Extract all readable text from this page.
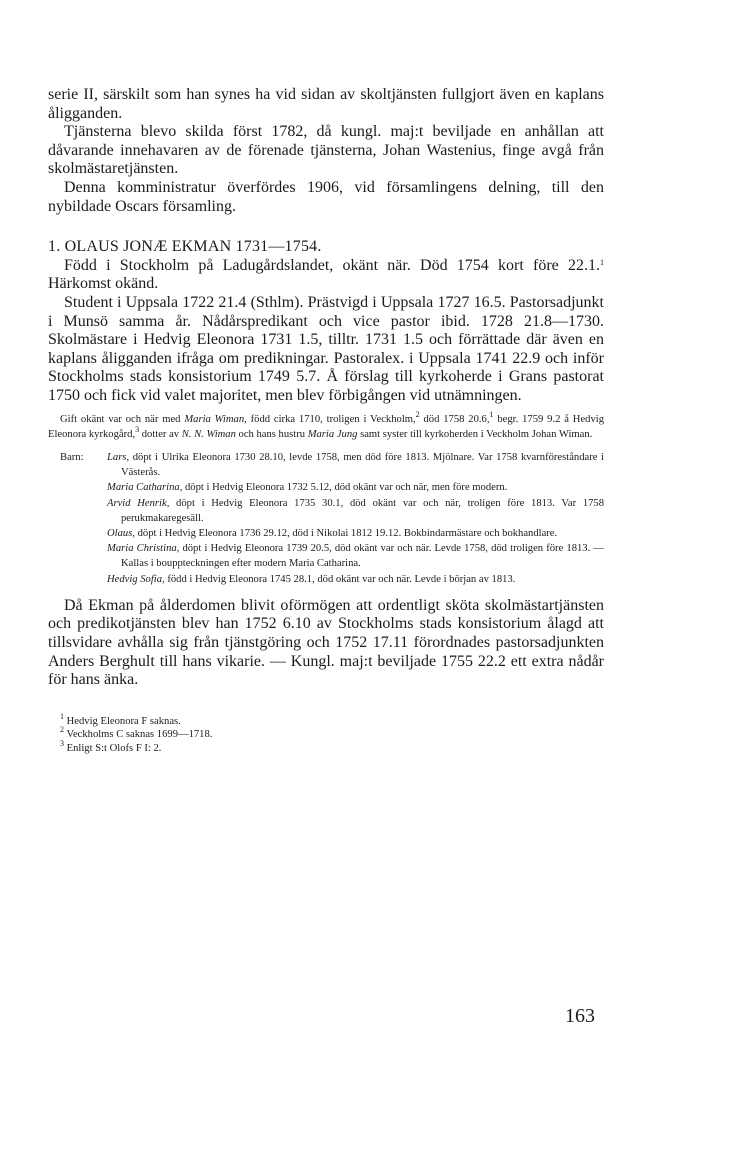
serie II, särskilt som han synes ha vid sidan av skoltjänsten fullgjort även en kaplans åligganden.

Tjänsterna blevo skilda först 1782, då kungl. maj:t beviljade en anhållan att dåvarande innehavaren av de förenade tjänsterna, Johan Wastenius, finge avgå från skolmästaretjänsten.

Denna komministratur överfördes 1906, vid församlingens delning, till den nybildade Oscars församling.

1. OLAUS JONÆ EKMAN 1731—1754.

Född i Stockholm på Ladugårdslandet, okänt när. Död 1754 kort före 22.1.$^1$ Härkomst okänd.

Student i Uppsala 1722 21.4 (Sthlm). Prästvigd i Uppsala 1727 16.5. Pastorsadjunkt i Munsö samma år. Nådårspredikant och vice pastor ibid. 1728 21.8—1730. Skolmästare i Hedvig Eleonora 1731 1.5, tilltr. 1731 1.5 och förrättade där även en kaplans åligganden ifråga om predikningar. Pastoralex. i Uppsala 1741 22.9 och inför Stockholms stads konsistorium 1749 5.7. Å förslag till kyrkoherde i Grans pastorat 1750 och fick vid valet majoritet, men blev förbigången vid utnämningen.

Gift okänt var och när med Maria Wiman, född cirka 1710, troligen i Veckholm,$^2$ död 1758 20.6,$^1$ begr. 1759 9.2 å Hedvig Eleonora kyrkogård,$^3$ dotter av N. N. Wiman och hans hustru Maria Jung samt syster till kyrkoherden i Veckholm Johan Wiman.

Barn: Lars, döpt i Ulrika Eleonora 1730 28.10, levde 1758, men död före 1813. Mjölnare. Var 1758 kvarnföreståndare i Västerås.

Maria Catharina, döpt i Hedvig Eleonora 1732 5.12, död okänt var och när, men före modern.

Arvid Henrik, döpt i Hedvig Eleonora 1735 30.1, död okänt var och när, troligen före 1813. Var 1758 perukmakaregesäll.

Olaus, döpt i Hedvig Eleonora 1736 29.12, död i Nikolai 1812 19.12. Bokbindarmästare och bokhandlare.

Maria Christina, döpt i Hedvig Eleonora 1739 20.5, död okänt var och när. Levde 1758, död troligen före 1813. — Kallas i bouppteckningen efter modern Maria Catharina.

Hedvig Sofia, född i Hedvig Eleonora 1745 28.1, död okänt var och när. Levde i början av 1813.

Då Ekman på ålderdomen blivit oförmögen att ordentligt sköta skolmästartjänsten och predikotjänsten blev han 1752 6.10 av Stockholms stads konsistorium ålagd att tillsvidare avhålla sig från tjänstgöring och 1752 17.11 förordnades pastorsadjunkten Anders Berghult till hans vikarie. — Kungl. maj:t beviljade 1755 22.2 ett extra nådår för hans änka.

$^1$ Hedvig Eleonora F saknas.

$^2$ Veckholms C saknas 1699—1718.

$^3$ Enligt S:t Olofs F I: 2.

163
